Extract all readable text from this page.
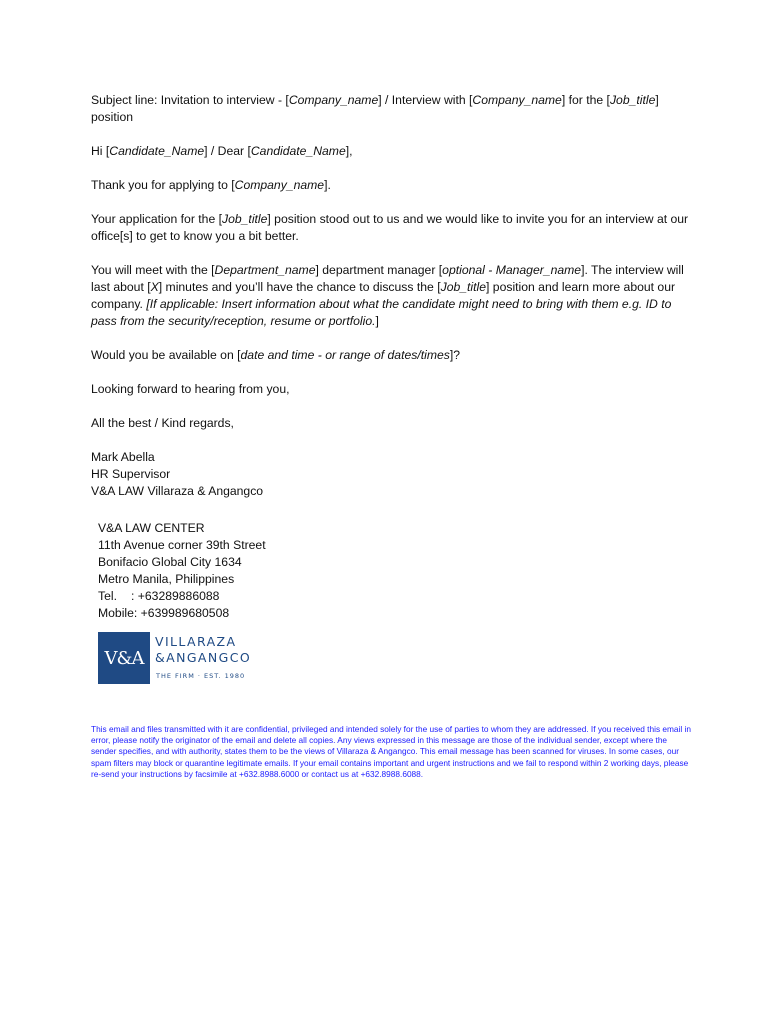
Subject line: Invitation to interview - [Company_name] / Interview with [Company_name] for the [Job_title] position

Hi [Candidate_Name] / Dear [Candidate_Name],

Thank you for applying to [Company_name].

Your application for the [Job_title] position stood out to us and we would like to invite you for an interview at our office[s] to get to know you a bit better.

You will meet with the [Department_name] department manager [optional - Manager_name]. The interview will last about [X] minutes and you’ll have the chance to discuss the [Job_title] position and learn more about our company. [If applicable: Insert information about what the candidate might need to bring with them e.g. ID to pass from the security/reception, resume or portfolio.]

Would you be available on [date and time - or range of dates/times]?

Looking forward to hearing from you,

All the best / Kind regards,

Mark Abella
HR Supervisor
V&A LAW Villaraza & Angangco
V&A LAW CENTER
11th Avenue corner 39th Street
Bonifacio Global City 1634
Metro Manila, Philippines
Tel. : +63289886088
Mobile: +639989680508
V&A
VILLARAZA
&ANGANGCO
THE FIRM · EST. 1980
This email and files transmitted with it are confidential, privileged and intended solely for the use of parties to whom they are addressed. If you received this email in error, please notify the originator of the email and delete all copies. Any views expressed in this message are those of the individual sender, except where the sender specifies, and with authority, states them to be the views of Villaraza & Angangco. This email message has been scanned for viruses. In some cases, our spam filters may block or quarantine legitimate emails. If your email contains important and urgent instructions and we fail to respond within 2 working days, please re-send your instructions by facsimile at +632.8988.6000 or contact us at +632.8988.6088.
